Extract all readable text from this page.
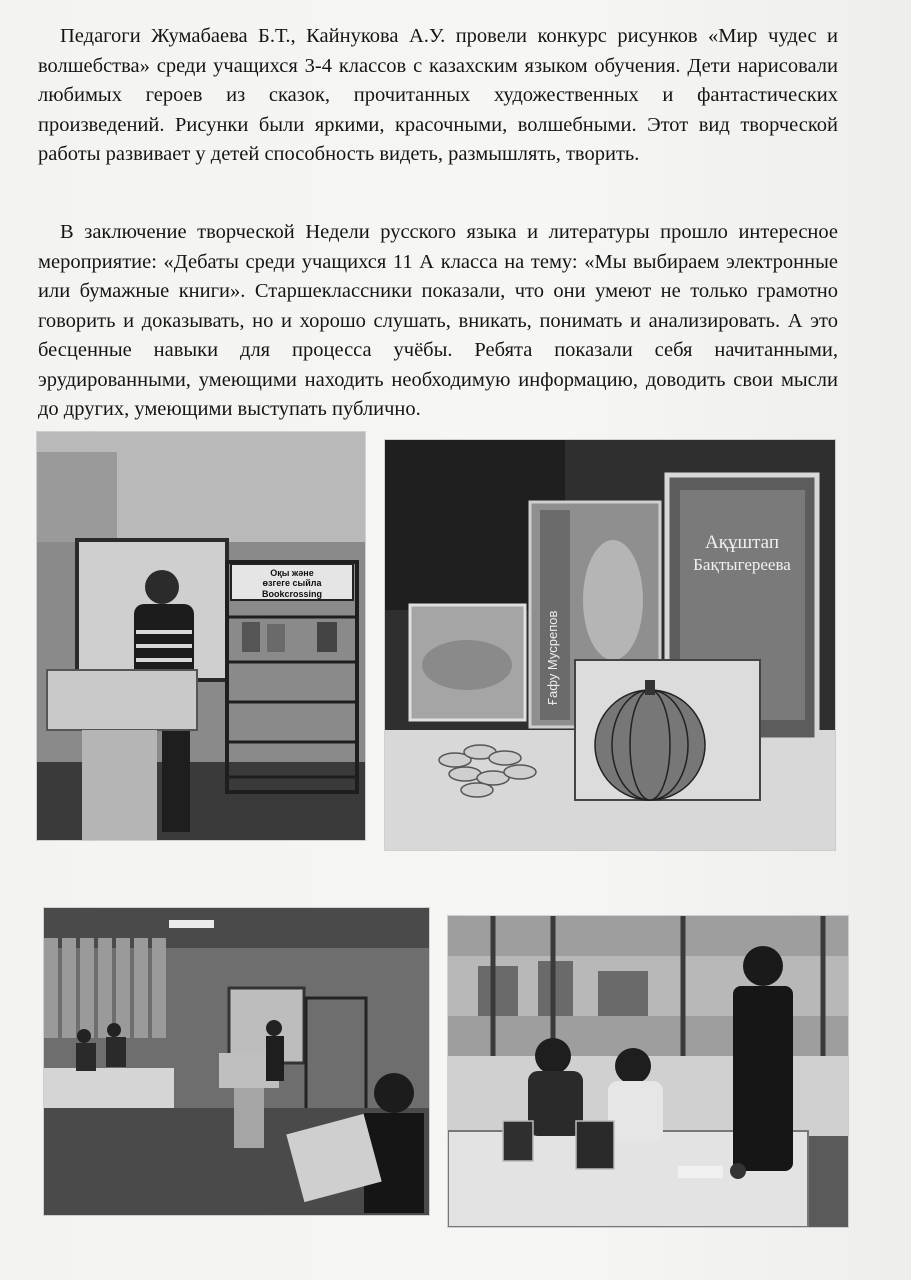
Педагоги Жумабаева Б.Т., Кайнукова А.У. провели конкурс рисунков «Мир чудес и волшебства» среди учащихся 3-4 классов с казахским языком обучения. Дети нарисовали любимых героев из сказок, прочитанных художественных и фантастических произведений. Рисунки были яркими, красочными, волшебными. Этот вид творческой работы развивает у детей способность видеть, размышлять, творить.

В заключение творческой Недели русского языка и литературы прошло интересное мероприятие: «Дебаты среди учащихся 11 А класса на тему: «Мы выбираем электронные или бумажные книги». Старшеклассники показали, что они умеют не только грамотно говорить и доказывать, но и хорошо слушать, вникать, понимать и анализировать. А это бесценные навыки для процесса учёбы. Ребята показали себя начитанными, эрудированными, умеющими находить необходимую информацию, доводить свои мысли до других, умеющими выступать публично.

Оқы жәнe
өзгеге сыйла
Bookcrossing
Ақұштап
Бақтыгереева
Ғафу Мусрепов
